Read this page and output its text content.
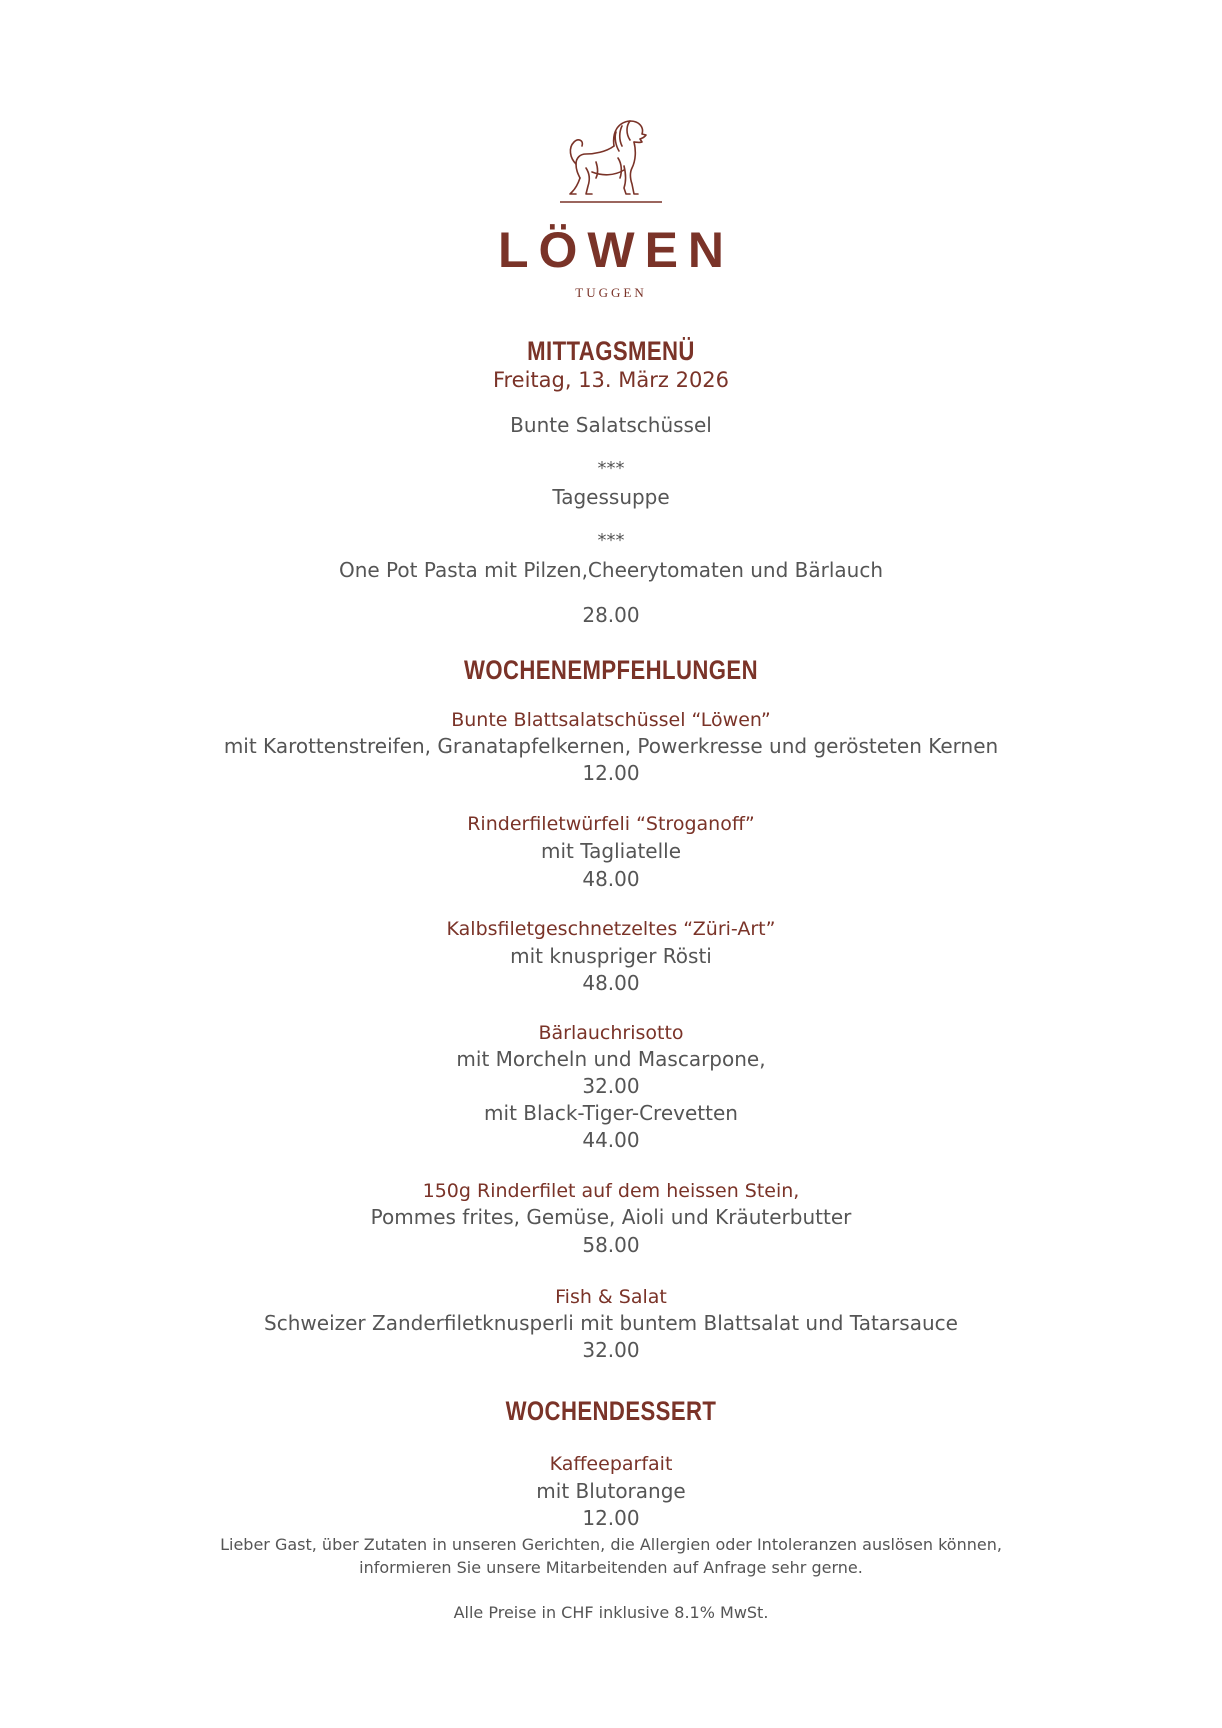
LÖWEN
TUGGEN
MITTAGSMENÜ
Freitag, 13. März 2026
Bunte Salatschüssel
***
Tagessuppe
***
One Pot Pasta mit Pilzen,Cheerytomaten und Bärlauch
28.00
WOCHENEMPFEHLUNGEN
Bunte Blattsalatschüssel “Löwen”
mit Karottenstreifen, Granatapfelkernen, Powerkresse und gerösteten Kernen
12.00
Rinderfiletwürfeli “Stroganoff”
mit Tagliatelle
48.00
Kalbsfiletgeschnetzeltes “Züri-Art”
mit knuspriger Rösti
48.00
Bärlauchrisotto
mit Morcheln und Mascarpone,
32.00
mit Black-Tiger-Crevetten
44.00
150g Rinderfilet auf dem heissen Stein,
Pommes frites, Gemüse, Aioli und Kräuterbutter
58.00
Fish & Salat
Schweizer Zanderfiletknusperli mit buntem Blattsalat und Tatarsauce
32.00
WOCHENDESSERT
Kaffeeparfait
mit Blutorange
12.00
Lieber Gast, über Zutaten in unseren Gerichten, die Allergien oder Intoleranzen auslösen können,
informieren Sie unsere Mitarbeitenden auf Anfrage sehr gerne.
Alle Preise in CHF inklusive 8.1% MwSt.
